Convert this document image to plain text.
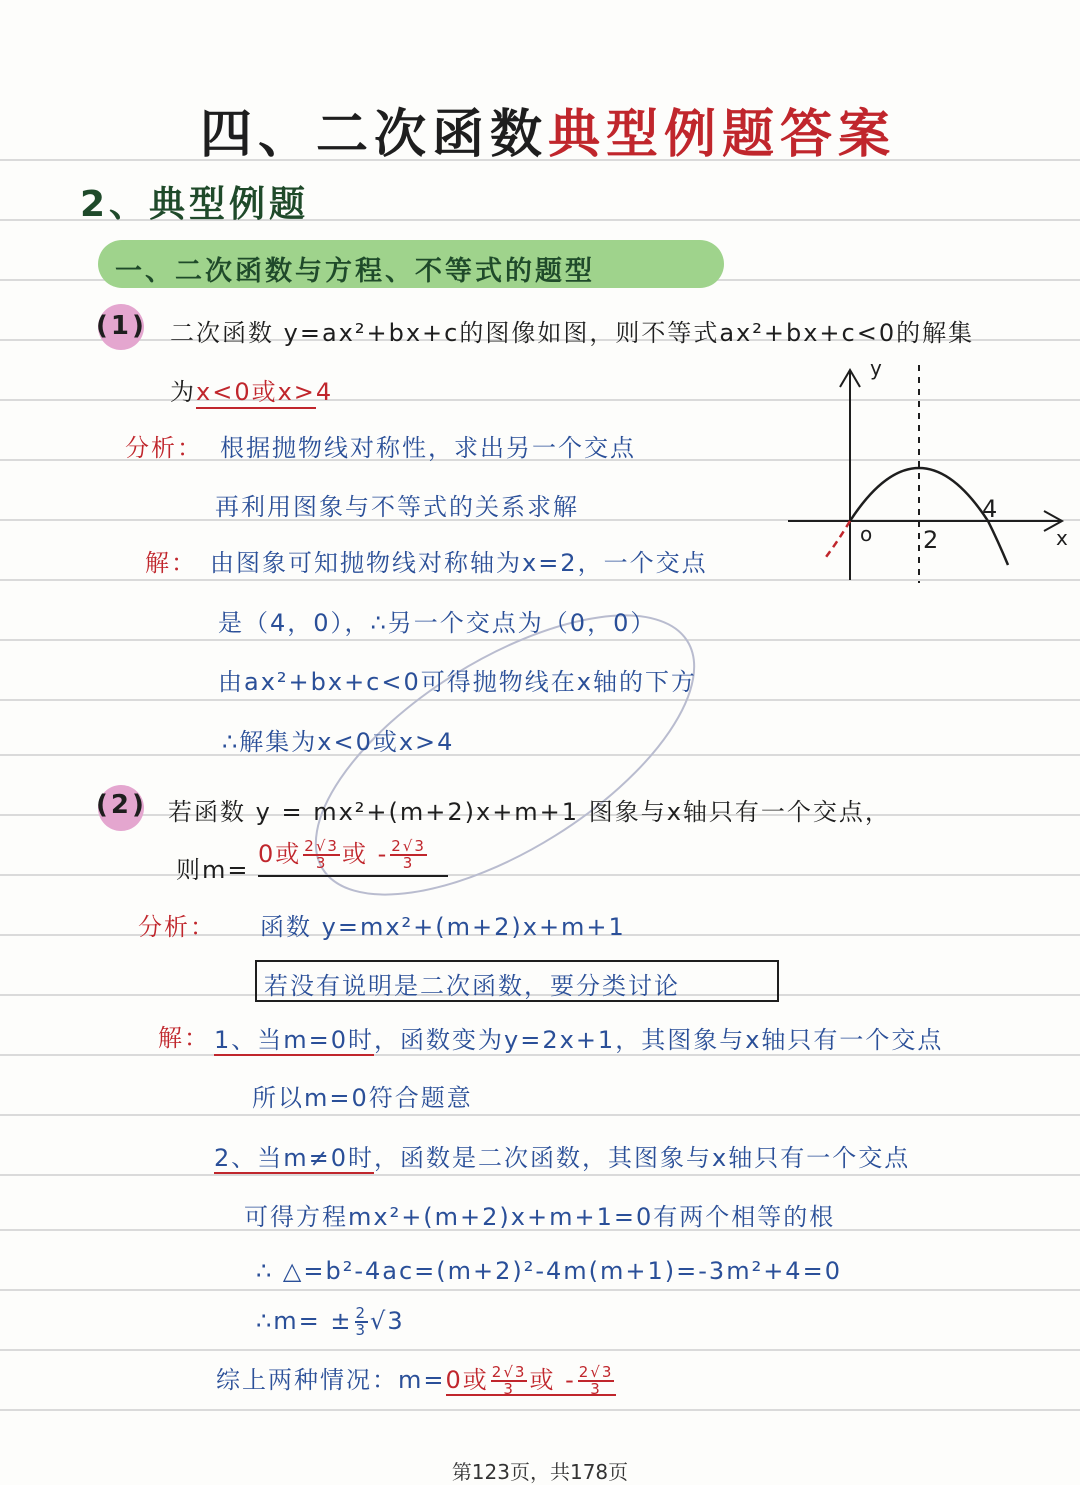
四、二次函数典型例题答案
2、典型例题
一、二次函数与方程、不等式的题型
(1) 二次函数 y=ax²+bx+c的图像如图，则不等式ax²+bx+c<0的解集
为 x<0或x>4
分析： 根据抛物线对称性，求出另一个交点
再利用图象与不等式的关系求解
解： 由图象可知抛物线对称轴为x=2，一个交点
是（4，0），∴另一个交点为（0，0）
由ax²+bx+c<0可得抛物线在x轴的下方
∴解集为x<0或x>4
y
x
o 2
4
(2) 若函数 y = mx²+(m+2)x+m+1 图象与x轴只有一个交点，
则m=
0或 $\frac{2√3}{3}$ 或 - $\frac{2√3}{3}$
分析： 函数 y=mx²+(m+2)x+m+1
若没有说明是二次函数，要分类讨论
解： 1、当m=0时，函数变为y=2x+1，其图象与x轴只有一个交点
所以m=0符合题意
2、当m≠0时，函数是二次函数，其图象与x轴只有一个交点
可得方程mx²+(m+2)x+m+1=0有两个相等的根
∴ △=b²-4ac=(m+2)²-4m(m+1)=-3m²+4=0
∴m= ± $\frac{2}{3} √3$
综上两种情况：m=0或 $\frac{2√3}{3}$ 或 - $\frac{2√3}{3}$
第123页，共178页
